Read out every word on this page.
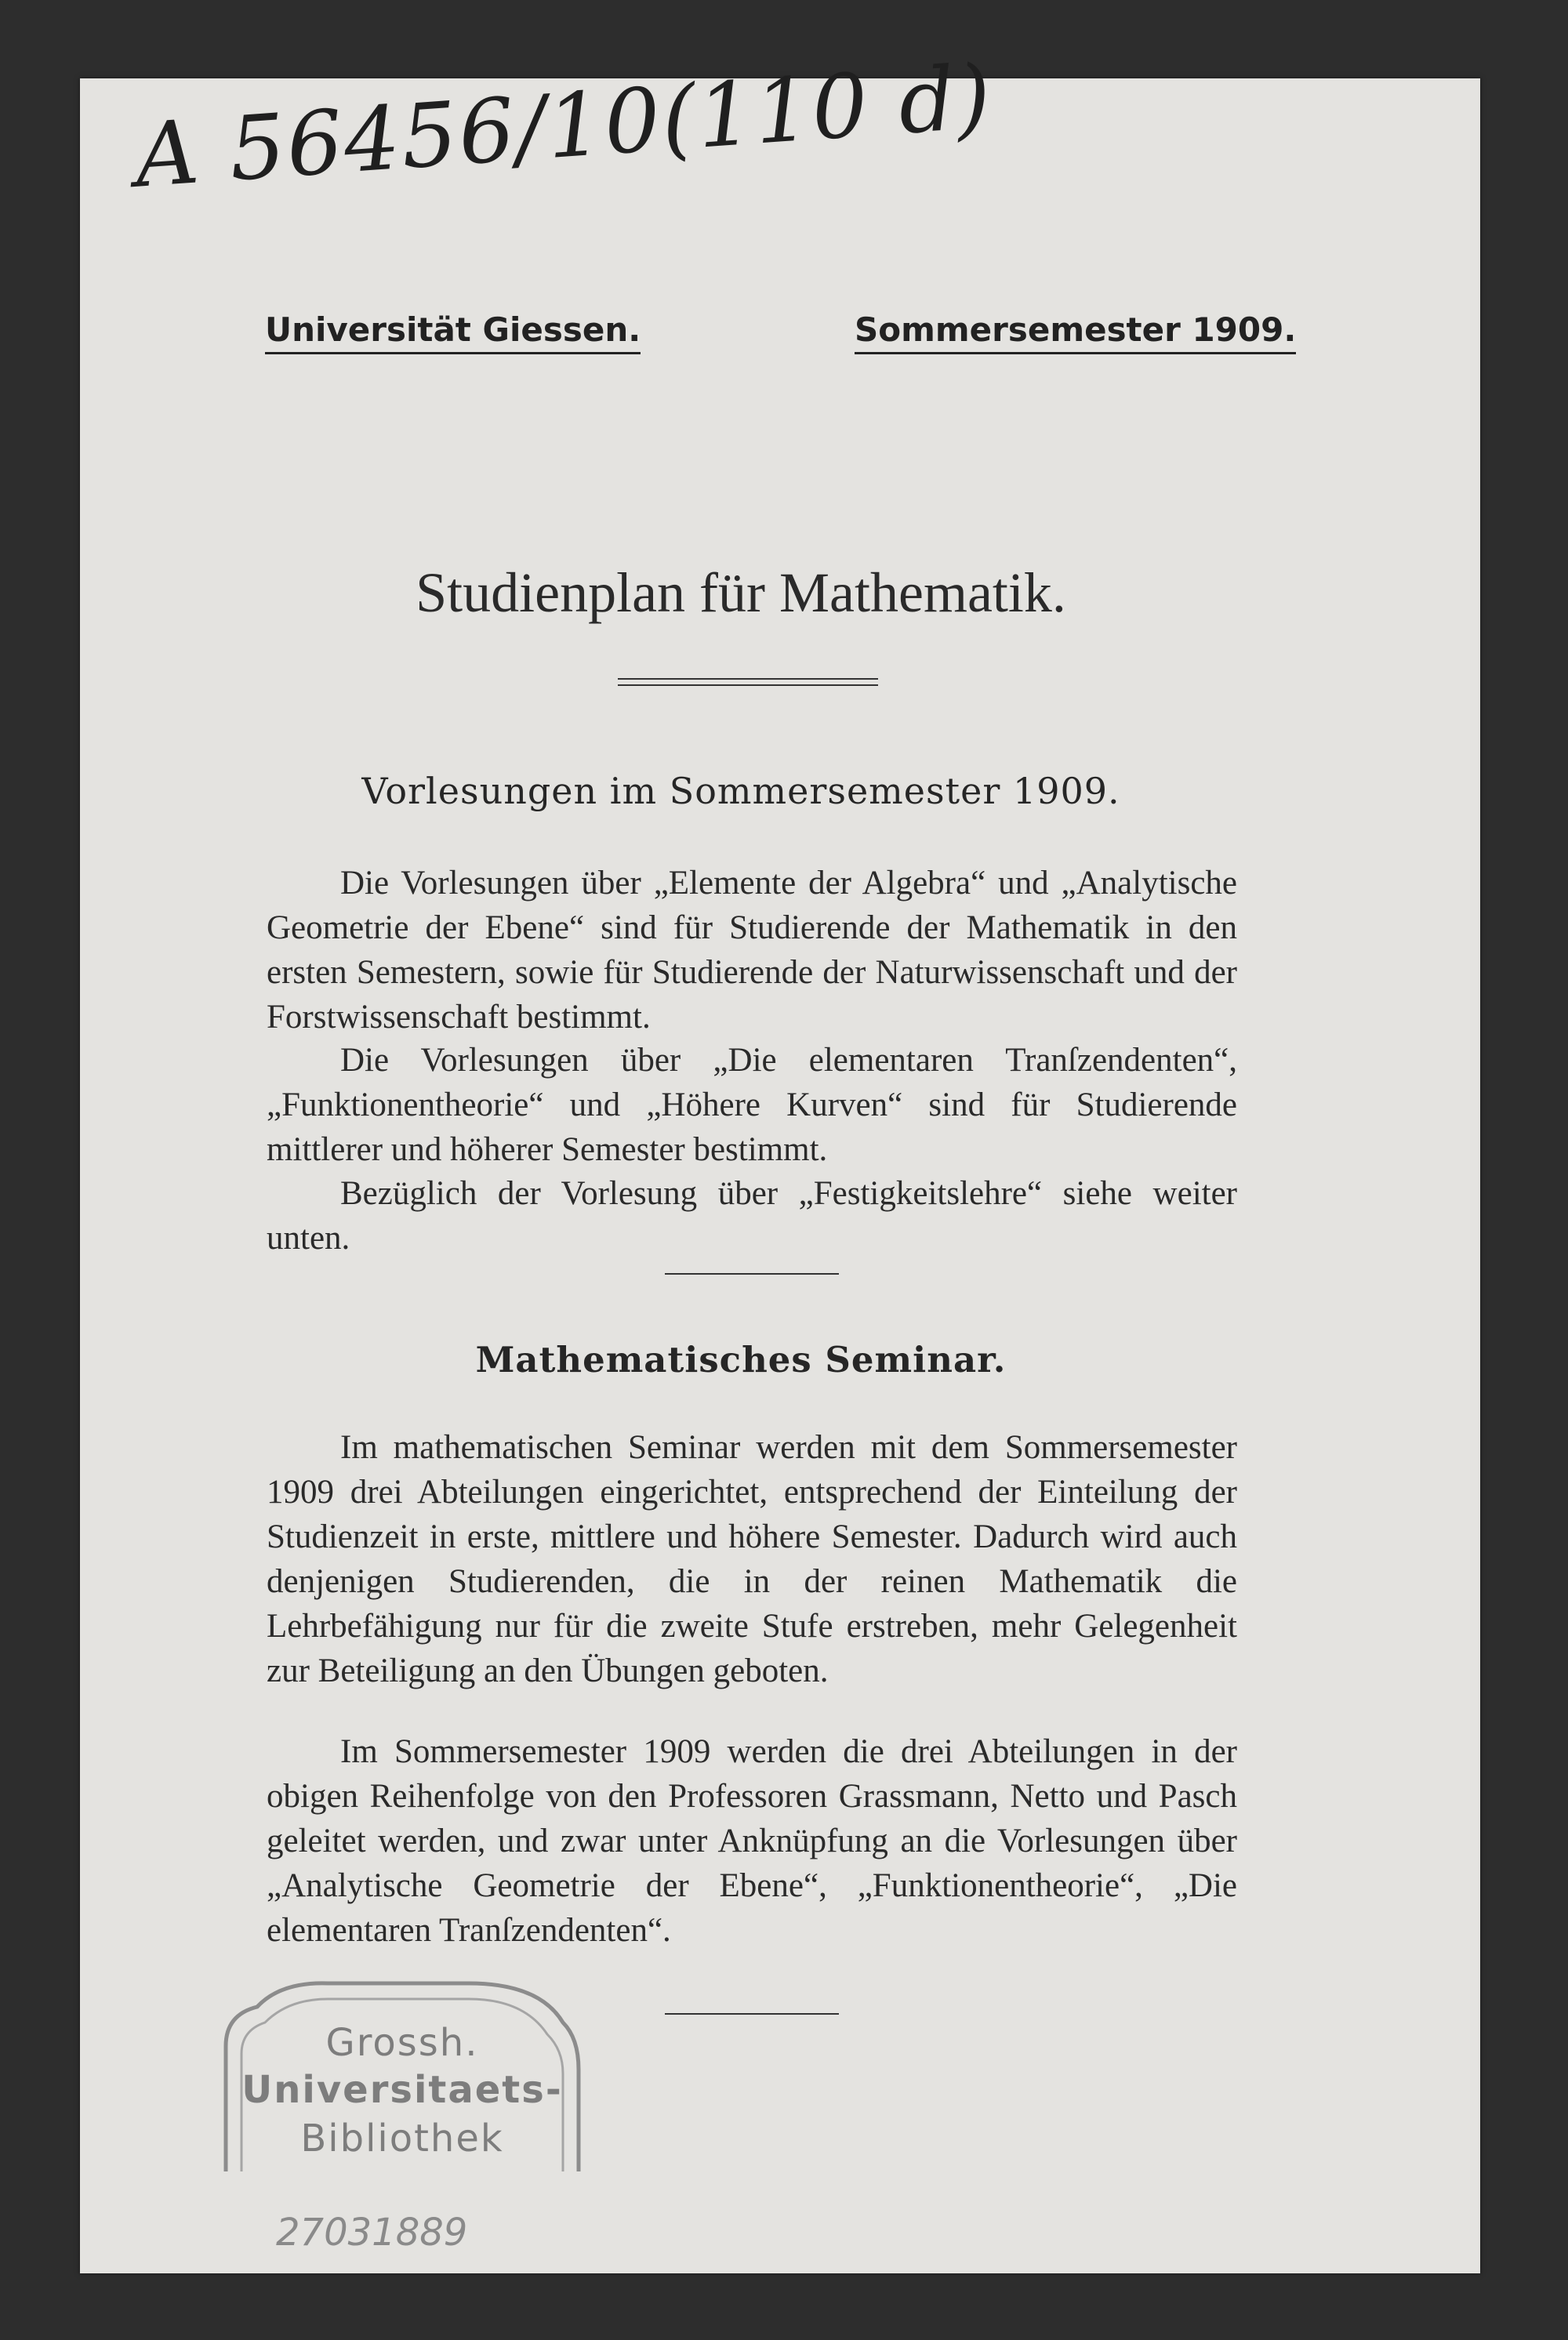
A 56456/10(110 d)
Universität Giessen.	Sommersemester 1909.
Studienplan für Mathematik.
Vorlesungen im Sommersemester 1909.

Die Vorlesungen über „Elemente der Algebra“ und „Analytische Geometrie der Ebene“ sind für Studierende der Mathematik in den ersten Semestern, sowie für Studierende der Naturwissenschaft und der Forstwissenschaft bestimmt.

Die Vorlesungen über „Die elementaren Tranſzendenten“, „Funktionentheorie“ und „Höhere Kurven“ sind für Studierende mittlerer und höherer Semester bestimmt.

Bezüglich der Vorlesung über „Festigkeitslehre“ siehe weiter unten.

Mathematisches Seminar.

Im mathematischen Seminar werden mit dem Sommersemester 1909 drei Abteilungen eingerichtet, entsprechend der Einteilung der Studienzeit in erste, mittlere und höhere Semester. Dadurch wird auch denjenigen Studierenden, die in der reinen Mathematik die Lehrbefähigung nur für die zweite Stufe erstreben, mehr Gelegenheit zur Beteiligung an den Übungen geboten.

Im Sommersemester 1909 werden die drei Abteilungen in der obigen Reihenfolge von den Professoren Grassmann, Netto und Pasch geleitet werden, und zwar unter Anknüpfung an die Vorlesungen über „Analytische Geometrie der Ebene“, „Funktionentheorie“, „Die elementaren Tranſzendenten“.

Grossh.
Universitaets-
Bibliothek
27031889
